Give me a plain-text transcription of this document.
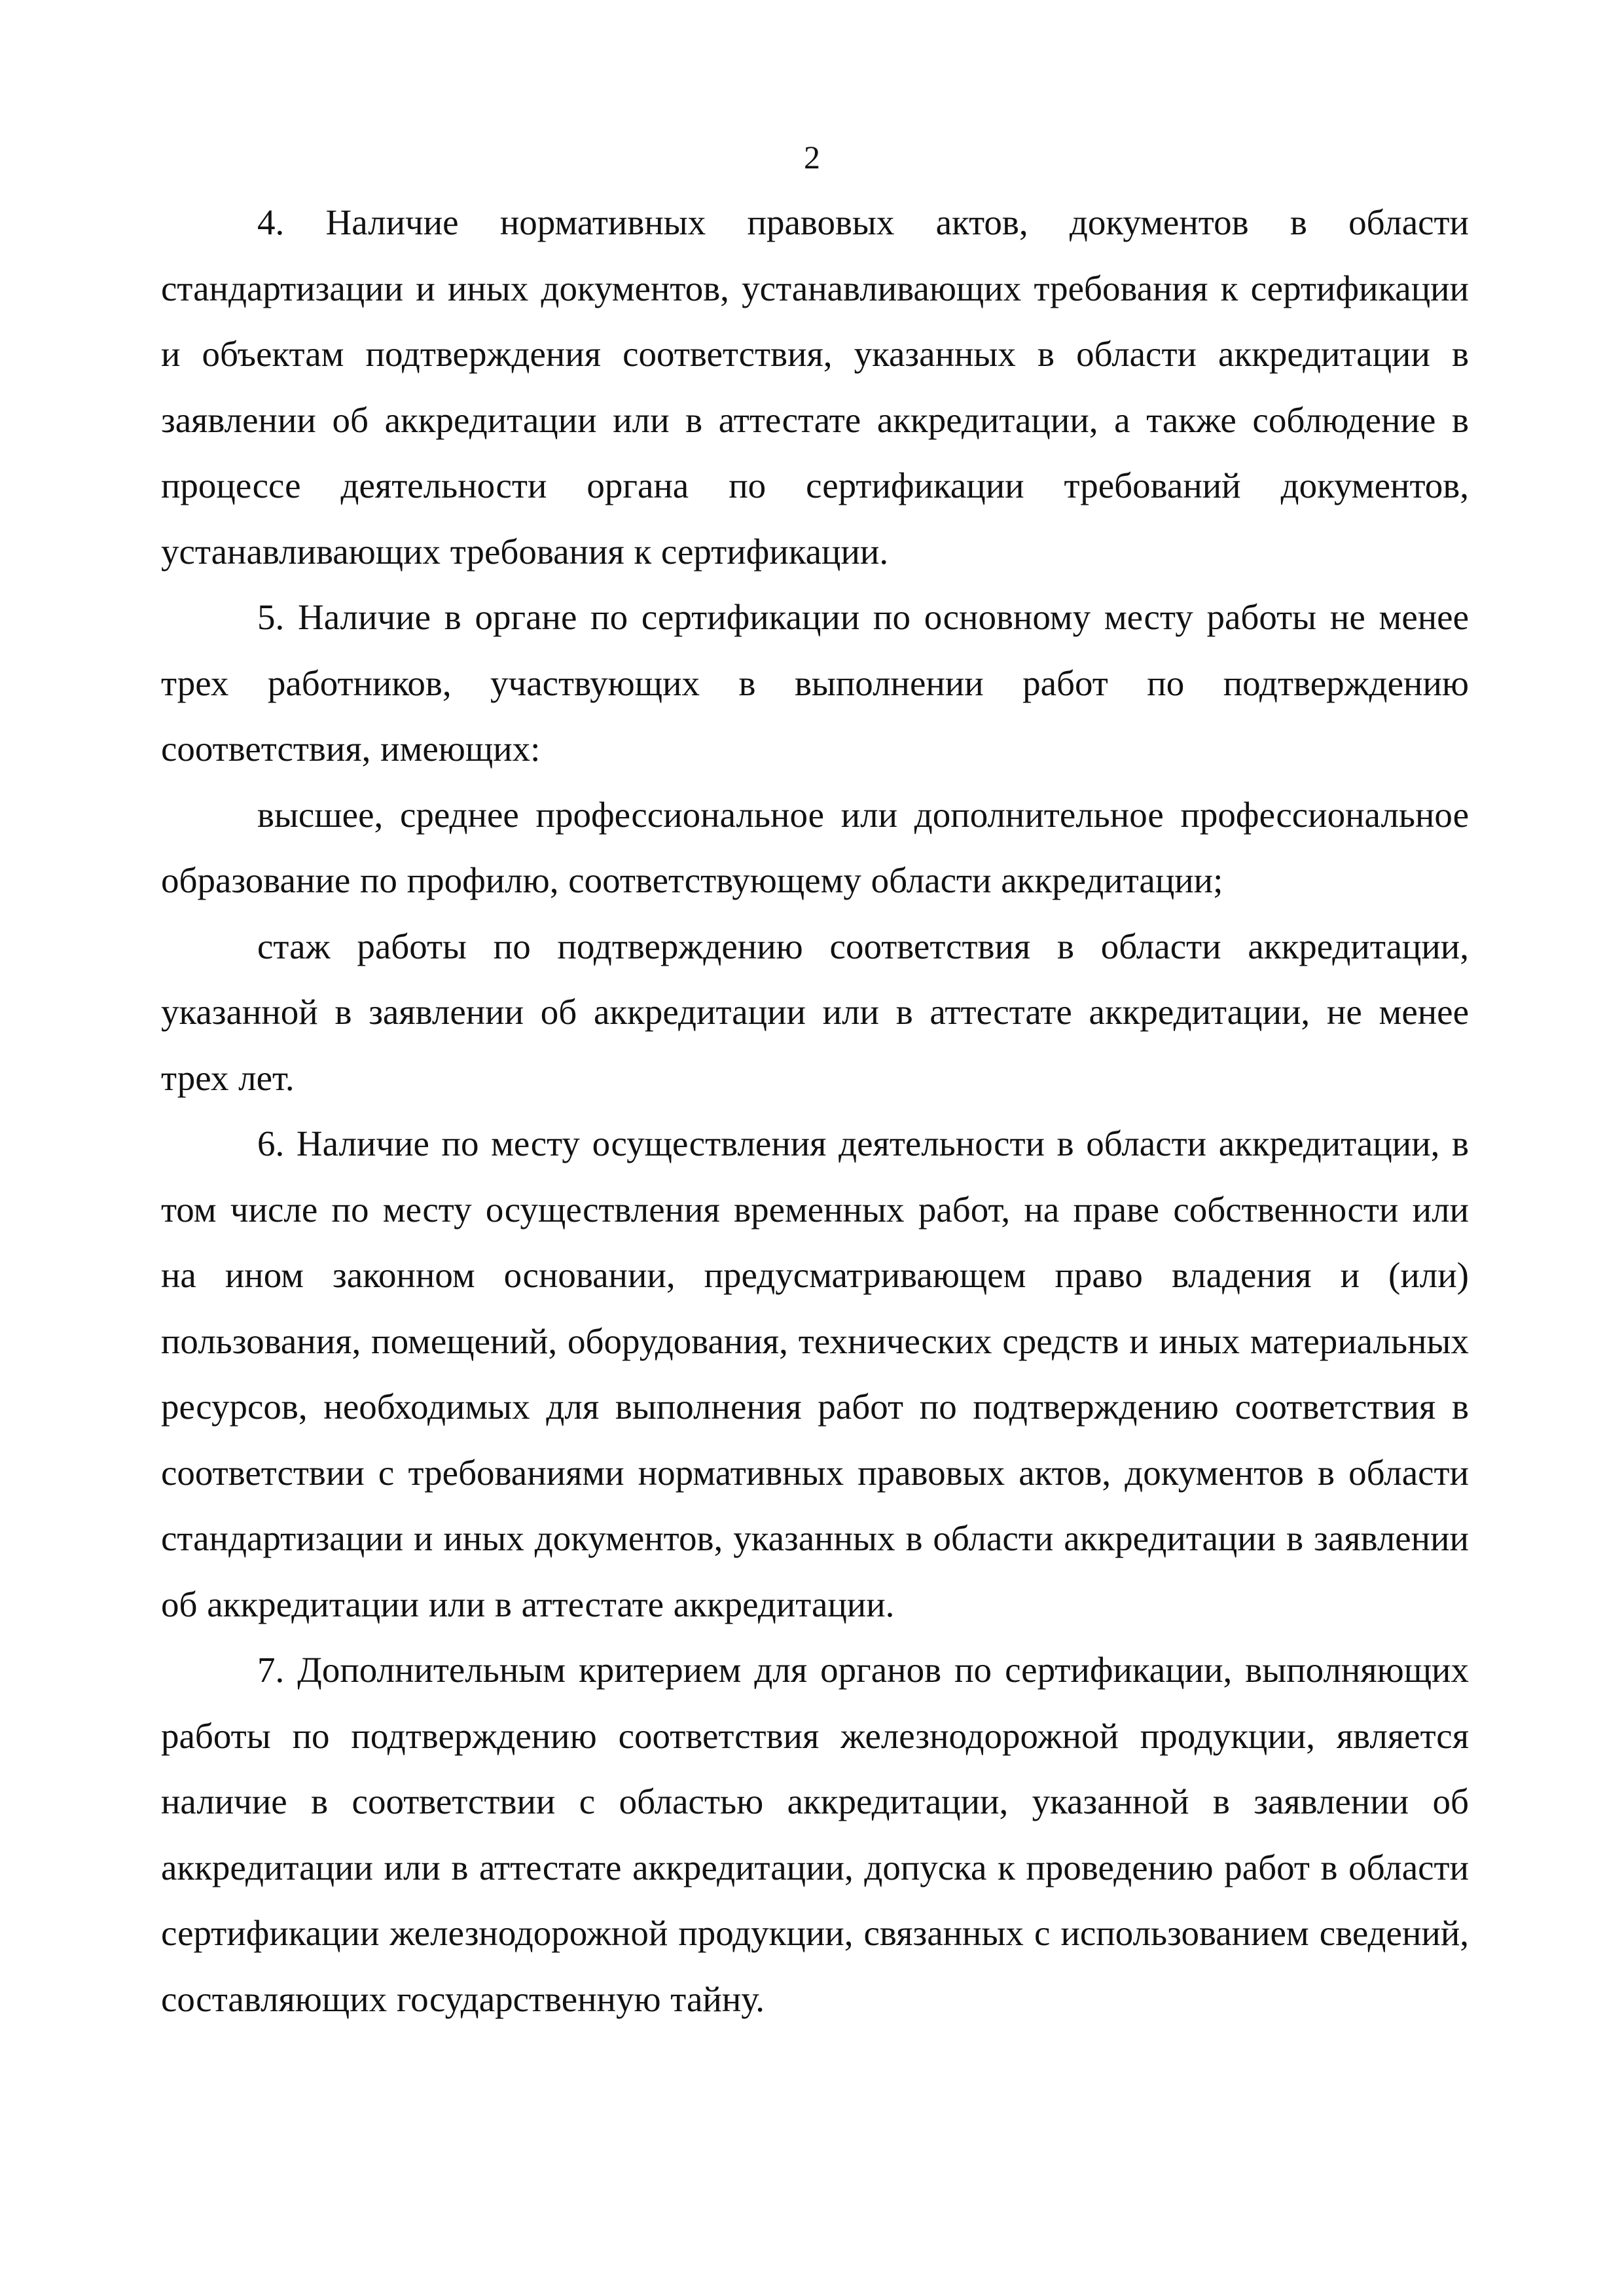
2

4. Наличие нормативных правовых актов, документов в области стандартизации и иных документов, устанавливающих требования к сертификации и объектам подтверждения соответствия, указанных в области аккредитации в заявлении об аккредитации или в аттестате аккредитации, а также соблюдение в процессе деятельности органа по сертификации требований документов, устанавливающих требования к сертификации.

5. Наличие в органе по сертификации по основному месту работы не менее трех работников, участвующих в выполнении работ по подтверждению соответствия, имеющих:

высшее, среднее профессиональное или дополнительное профессиональное образование по профилю, соответствующему области аккредитации;

стаж работы по подтверждению соответствия в области аккредитации, указанной в заявлении об аккредитации или в аттестате аккредитации, не менее трех лет.

6. Наличие по месту осуществления деятельности в области аккредитации, в том числе по месту осуществления временных работ, на праве собственности или на ином законном основании, предусматривающем право владения и (или) пользования, помещений, оборудования, технических средств и иных материальных ресурсов, необходимых для выполнения работ по подтверждению соответствия в соответствии с требованиями нормативных правовых актов, документов в области стандартизации и иных документов, указанных в области аккредитации в заявлении об аккредитации или в аттестате аккредитации.

7. Дополнительным критерием для органов по сертификации, выполняющих работы по подтверждению соответствия железнодорожной продукции, является наличие в соответствии с областью аккредитации, указанной в заявлении об аккредитации или в аттестате аккредитации, допуска к проведению работ в области сертификации железнодорожной продукции, связанных с использованием сведений, составляющих государственную тайну.
